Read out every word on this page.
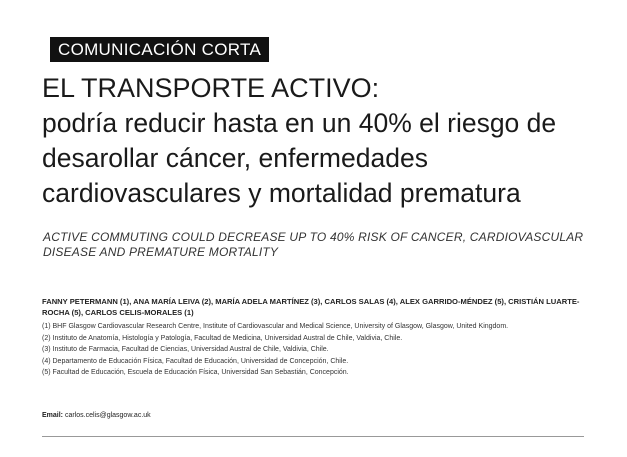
COMUNICACIÓN CORTA
EL TRANSPORTE ACTIVO:
podría reducir hasta en un 40% el riesgo de desarollar cáncer, enfermedades cardiovasculares y mortalidad prematura

ACTIVE COMMUTING COULD DECREASE UP TO 40% RISK OF CANCER, CARDIOVASCULAR DISEASE AND PREMATURE MORTALITY

FANNY PETERMANN (1), ANA MARÍA LEIVA (2), MARÍA ADELA MARTÍNEZ (3), CARLOS SALAS (4), ALEX GARRIDO-MÉNDEZ (5), CRISTIÁN LUARTE-ROCHA (5), CARLOS CELIS-MORALES (1)

(1) BHF Glasgow Cardiovascular Research Centre, Institute of Cardiovascular and Medical Science, University of Glasgow, Glasgow, United Kingdom.
(2) Instituto de Anatomía, Histología y Patología, Facultad de Medicina, Universidad Austral de Chile, Valdivia, Chile.
(3) Instituto de Farmacia, Facultad de Ciencias, Universidad Austral de Chile, Valdivia, Chile.
(4) Departamento de Educación Física, Facultad de Educación, Universidad de Concepción, Chile.
(5) Facultad de Educación, Escuela de Educación Física, Universidad San Sebastián, Concepción.
Email: carlos.celis@glasgow.ac.uk
